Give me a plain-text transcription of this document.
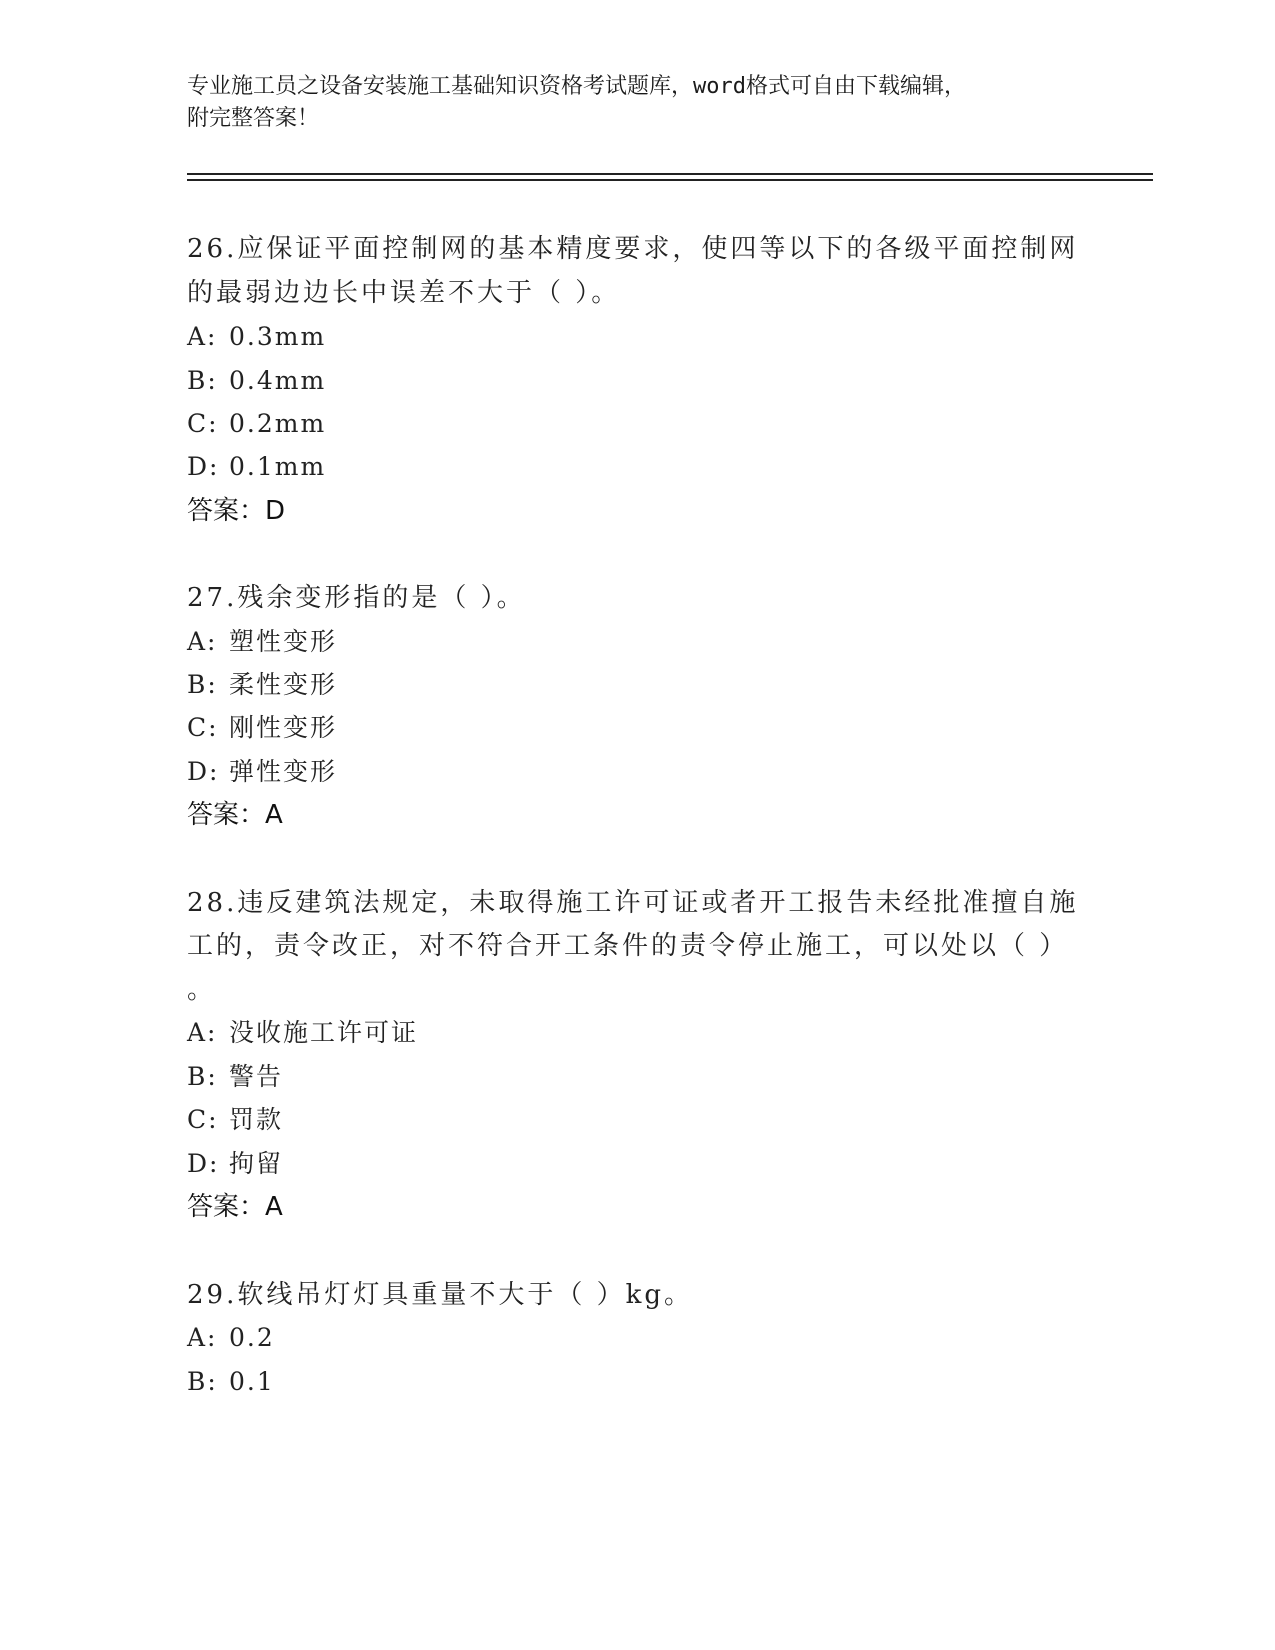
专业施工员之设备安装施工基础知识资格考试题库，word格式可自由下载编辑，
附完整答案！
26.应保证平面控制网的基本精度要求，使四等以下的各级平面控制网
的最弱边边长中误差不大于（ ）。
A: 0.3mm
B: 0.4mm
C: 0.2mm
D: 0.1mm
答案：D
27.残余变形指的是（ ）。
A: 塑性变形
B: 柔性变形
C: 刚性变形
D: 弹性变形
答案：A
28.违反建筑法规定，未取得施工许可证或者开工报告未经批准擅自施
工的，责令改正，对不符合开工条件的责令停止施工，可以处以（ ）
。
A: 没收施工许可证
B: 警告
C: 罚款
D: 拘留
答案：A
29.软线吊灯灯具重量不大于（ ）kg。
A: 0.2
B: 0.1
